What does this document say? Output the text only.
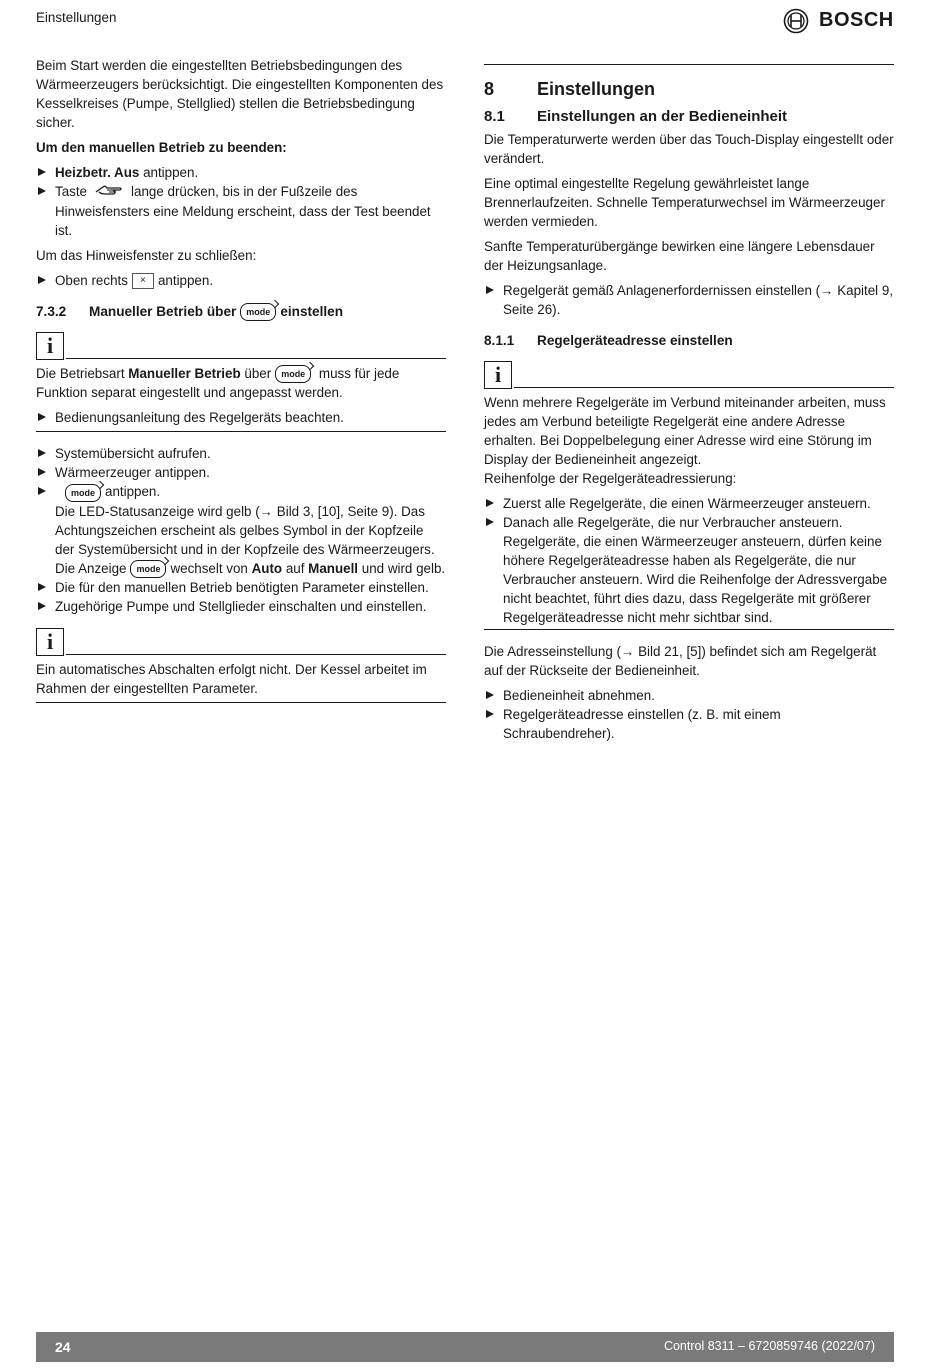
Einstellungen	BOSCH

Beim Start werden die eingestellten Betriebsbedingungen des Wärmeerzeugers berücksichtigt. Die eingestellten Komponenten des Kesselkreises (Pumpe, Stellglied) stellen die Betriebsbedingung sicher.

Um den manuellen Betrieb zu beenden:

Heizbetr. Aus antippen.
Taste	lange drücken, bis in der Fußzeile des Hinweisfensters eine Meldung erscheint, dass der Test beendet ist.

Um das Hinweisfenster zu schließen:

Oben rechts × antippen.
7.3.2 Manueller Betrieb über mode einstellen
i

Die Betriebsart Manueller Betrieb über mode muss für jede Funktion separat eingestellt und angepasst werden.

Bedienungsanleitung des Regelgeräts beachten.
Systemübersicht aufrufen.
Wärmeerzeuger antippen.
mode antippen.
Die LED-Statusanzeige wird gelb (→ Bild 3, [10], Seite 9). Das Achtungszeichen erscheint als gelbes Symbol in der Kopfzeile der Systemübersicht und in der Kopfzeile des Wärmeerzeugers. Die Anzeige mode wechselt von Auto auf Manuell und wird gelb.
Die für den manuellen Betrieb benötigten Parameter einstellen.
Zugehörige Pumpe und Stellglieder einschalten und einstellen.
i

Ein automatisches Abschalten erfolgt nicht. Der Kessel arbeitet im Rahmen der eingestellten Parameter.

8 Einstellungen
8.1 Einstellungen an der Bedieneinheit

Die Temperaturwerte werden über das Touch-Display eingestellt oder verändert.

Eine optimal eingestellte Regelung gewährleistet lange Brennerlaufzeiten. Schnelle Temperaturwechsel im Wärmeerzeuger werden vermieden.

Sanfte Temperaturübergänge bewirken eine längere Lebensdauer der Heizungsanlage.

Regelgerät gemäß Anlagenerfordernissen einstellen (→ Kapitel 9, Seite 26).
8.1.1 Regelgeräteadresse einstellen
i

Wenn mehrere Regelgeräte im Verbund miteinander arbeiten, muss jedes am Verbund beteiligte Regelgerät eine andere Adresse erhalten. Bei Doppelbelegung einer Adresse wird eine Störung im Display der Bedieneinheit angezeigt.

Reihenfolge der Regelgeräteadressierung:

Zuerst alle Regelgeräte, die einen Wärmeerzeuger ansteuern.
Danach alle Regelgeräte, die nur Verbraucher ansteuern. Regelgeräte, die einen Wärmeerzeuger ansteuern, dürfen keine höhere Regelgeräteadresse haben als Regelgeräte, die nur Verbraucher ansteuern. Wird die Reihenfolge der Adressvergabe nicht beachtet, führt dies dazu, dass Regelgeräte mit größerer Regelgeräteadresse nicht mehr sichtbar sind.

Die Adresseinstellung (→ Bild 21, [5]) befindet sich am Regelgerät auf der Rückseite der Bedieneinheit.

Bedieneinheit abnehmen.
Regelgeräteadresse einstellen (z. B. mit einem Schraubendreher).
24	Control 8311 – 6720859746 (2022/07)
